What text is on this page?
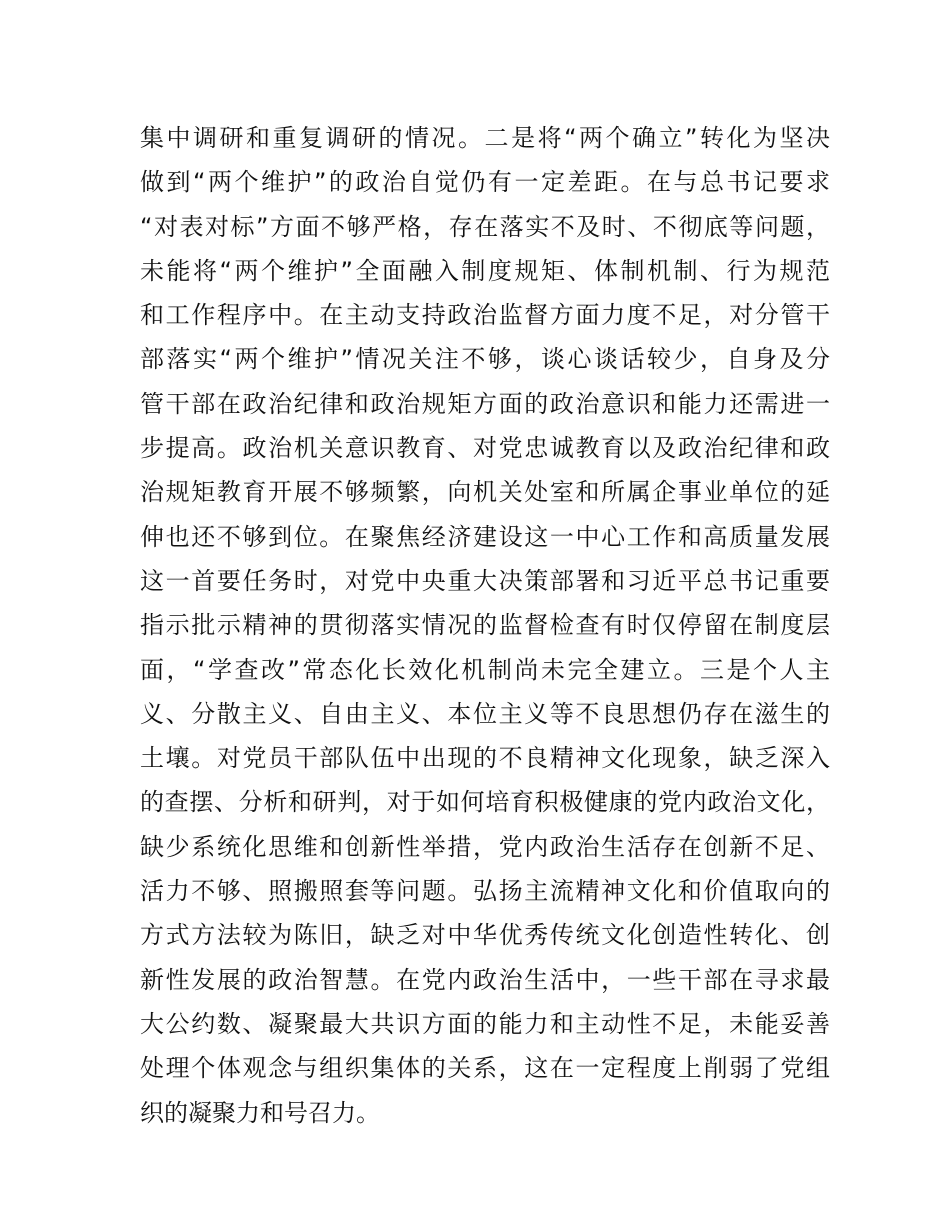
集中调研和重复调研的情况。二是将“两个确立”转化为坚决
做到“两个维护”的政治自觉仍有一定差距。在与总书记要求
“对表对标”方面不够严格，存在落实不及时、不彻底等问题，
未能将“两个维护”全面融入制度规矩、体制机制、行为规范
和工作程序中。在主动支持政治监督方面力度不足，对分管干
部落实“两个维护”情况关注不够，谈心谈话较少，自身及分
管干部在政治纪律和政治规矩方面的政治意识和能力还需进一
步提高。政治机关意识教育、对党忠诚教育以及政治纪律和政
治规矩教育开展不够频繁，向机关处室和所属企事业单位的延
伸也还不够到位。在聚焦经济建设这一中心工作和高质量发展
这一首要任务时，对党中央重大决策部署和习近平总书记重要
指示批示精神的贯彻落实情况的监督检查有时仅停留在制度层
面，“学查改”常态化长效化机制尚未完全建立。三是个人主
义、分散主义、自由主义、本位主义等不良思想仍存在滋生的
土壤。对党员干部队伍中出现的不良精神文化现象，缺乏深入
的查摆、分析和研判，对于如何培育积极健康的党内政治文化，
缺少系统化思维和创新性举措，党内政治生活存在创新不足、
活力不够、照搬照套等问题。弘扬主流精神文化和价值取向的
方式方法较为陈旧，缺乏对中华优秀传统文化创造性转化、创
新性发展的政治智慧。在党内政治生活中，一些干部在寻求最
大公约数、凝聚最大共识方面的能力和主动性不足，未能妥善
处理个体观念与组织集体的关系，这在一定程度上削弱了党组
织的凝聚力和号召力。
